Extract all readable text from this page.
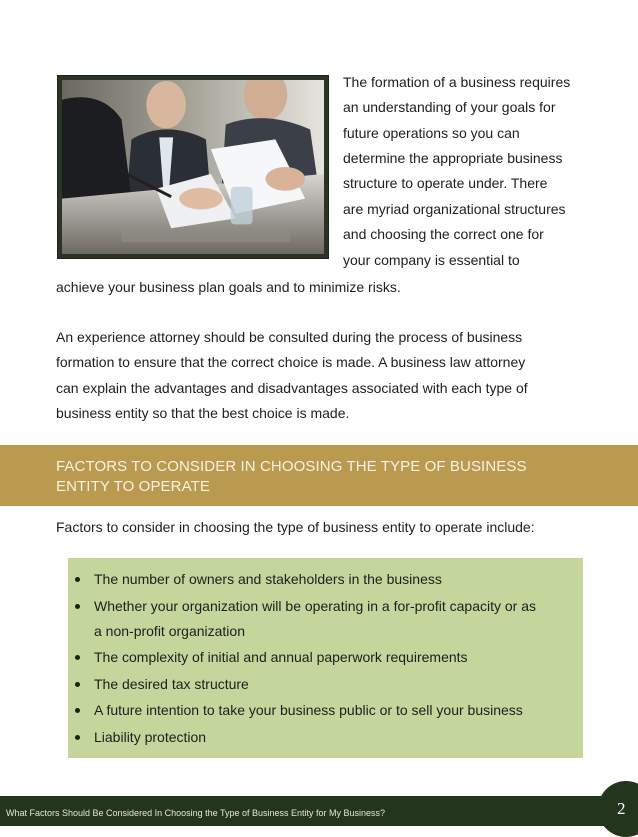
The formation of a business requires
an understanding of your goals for
future operations so you can
determine the appropriate business
structure to operate under. There
are myriad organizational structures
and choosing the correct one for
your company is essential to
achieve your business plan goals and to minimize risks.
An experience attorney should be consulted during the process of business
formation to ensure that the correct choice is made. A business law attorney
can explain the advantages and disadvantages associated with each type of
business entity so that the best choice is made.
FACTORS TO CONSIDER IN CHOOSING THE TYPE OF BUSINESS
ENTITY TO OPERATE
Factors to consider in choosing the type of business entity to operate include:
The number of owners and stakeholders in the business
Whether your organization will be operating in a for-profit capacity or as
a non-profit organization
The complexity of initial and annual paperwork requirements
The desired tax structure
A future intention to take your business public or to sell your business
Liability protection
What Factors Should Be Considered In Choosing the Type of Business Entity for My Business?	2
